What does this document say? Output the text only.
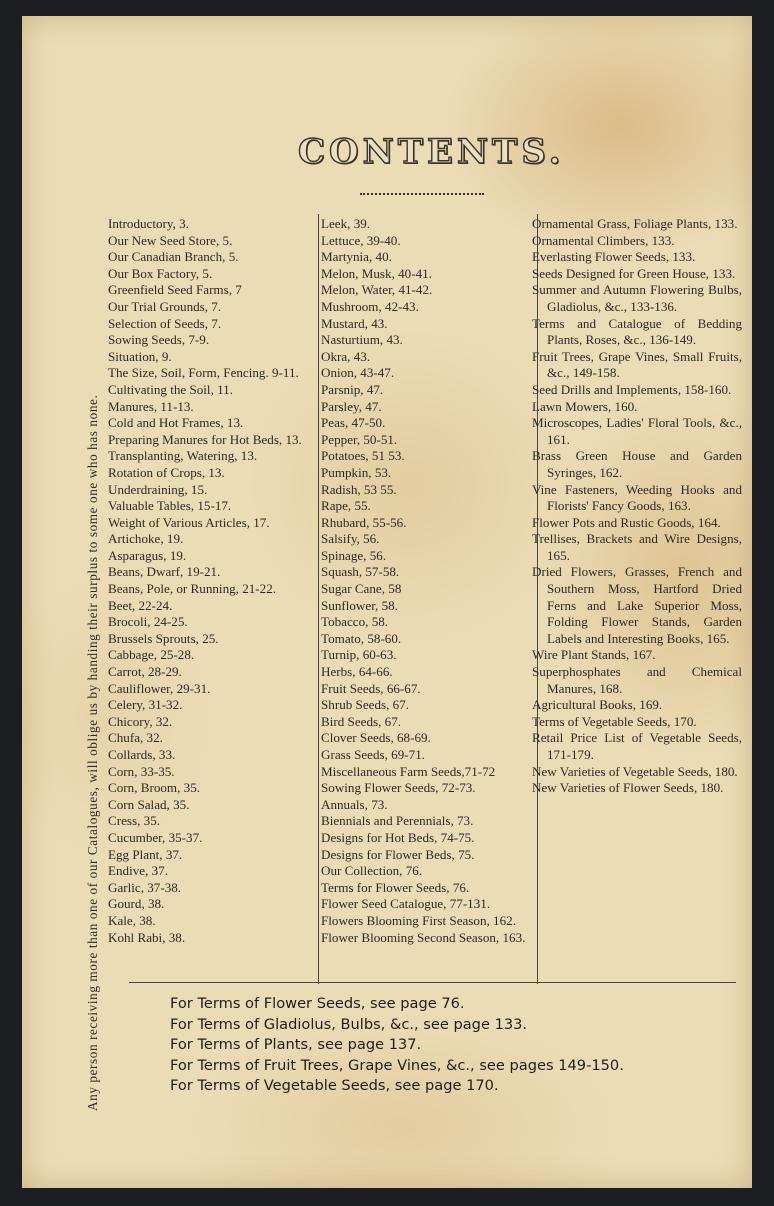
Any person receiving more than one of our Catalogues, will oblige us by handing their surplus to some one who has none.
CONTENTS.

Introductory, 3.

Our New Seed Store, 5.

Our Canadian Branch, 5.

Our Box Factory, 5.

Greenfield Seed Farms, 7

Our Trial Grounds, 7.

Selection of Seeds, 7.

Sowing Seeds, 7-9.

Situation, 9.

The Size, Soil, Form, Fencing. 9-11.

Cultivating the Soil, 11.

Manures, 11-13.

Cold and Hot Frames, 13.

Preparing Manures for Hot Beds, 13.

Transplanting, Watering, 13.

Rotation of Crops, 13.

Underdraining, 15.

Valuable Tables, 15-17.

Weight of Various Articles, 17.

Artichoke, 19.

Asparagus, 19.

Beans, Dwarf, 19-21.

Beans, Pole, or Running, 21-22.

Beet, 22-24.

Brocoli, 24-25.

Brussels Sprouts, 25.

Cabbage, 25-28.

Carrot, 28-29.

Cauliflower, 29-31.

Celery, 31-32.

Chicory, 32.

Chufa, 32.

Collards, 33.

Corn, 33-35.

Corn, Broom, 35.

Corn Salad, 35.

Cress, 35.

Cucumber, 35-37.

Egg Plant, 37.

Endive, 37.

Garlic, 37-38.

Gourd, 38.

Kale, 38.

Kohl Rabi, 38.

Leek, 39.

Lettuce, 39-40.

Martynia, 40.

Melon, Musk, 40-41.

Melon, Water, 41-42.

Mushroom, 42-43.

Mustard, 43.

Nasturtium, 43.

Okra, 43.

Onion, 43-47.

Parsnip, 47.

Parsley, 47.

Peas, 47-50.

Pepper, 50-51.

Potatoes, 51 53.

Pumpkin, 53.

Radish, 53 55.

Rape, 55.

Rhubard, 55-56.

Salsify, 56.

Spinage, 56.

Squash, 57-58.

Sugar Cane, 58

Sunflower, 58.

Tobacco, 58.

Tomato, 58-60.

Turnip, 60-63.

Herbs, 64-66.

Fruit Seeds, 66-67.

Shrub Seeds, 67.

Bird Seeds, 67.

Clover Seeds, 68-69.

Grass Seeds, 69-71.

Miscellaneous Farm Seeds,71-72

Sowing Flower Seeds, 72-73.

Annuals, 73.

Biennials and Perennials, 73.

Designs for Hot Beds, 74-75.

Designs for Flower Beds, 75.

Our Collection, 76.

Terms for Flower Seeds, 76.

Flower Seed Catalogue, 77-131.

Flowers Blooming First Season, 162.

Flower Blooming Second Season, 163.

Ornamental Grass, Foliage Plants, 133.

Ornamental Climbers, 133.

Everlasting Flower Seeds, 133.

Seeds Designed for Green House, 133.

Summer and Autumn Flowering Bulbs, Gladiolus, &c., 133-136.

Terms and Catalogue of Bedding Plants, Roses, &c., 136-149.

Fruit Trees, Grape Vines, Small Fruits, &c., 149-158.

Seed Drills and Implements, 158-160.

Lawn Mowers, 160.

Microscopes, Ladies' Floral Tools, &c., 161.

Brass Green House and Garden Syringes, 162.

Vine Fasteners, Weeding Hooks and Florists' Fancy Goods, 163.

Flower Pots and Rustic Goods, 164.

Trellises, Brackets and Wire Designs, 165.

Dried Flowers, Grasses, French and Southern Moss, Hartford Dried Ferns and Lake Superior Moss, Folding Flower Stands, Garden Labels and Interesting Books, 165.

Wire Plant Stands, 167.

Superphosphates and Chemical Manures, 168.

Agricultural Books, 169.

Terms of Vegetable Seeds, 170.

Retail Price List of Vegetable Seeds, 171-179.

New Varieties of Vegetable Seeds, 180.

New Varieties of Flower Seeds, 180.

For Terms of Flower Seeds, see page 76.

For Terms of Gladiolus, Bulbs, &c., see page 133.

For Terms of Plants, see page 137.

For Terms of Fruit Trees, Grape Vines, &c., see pages 149-150.

For Terms of Vegetable Seeds, see page 170.
